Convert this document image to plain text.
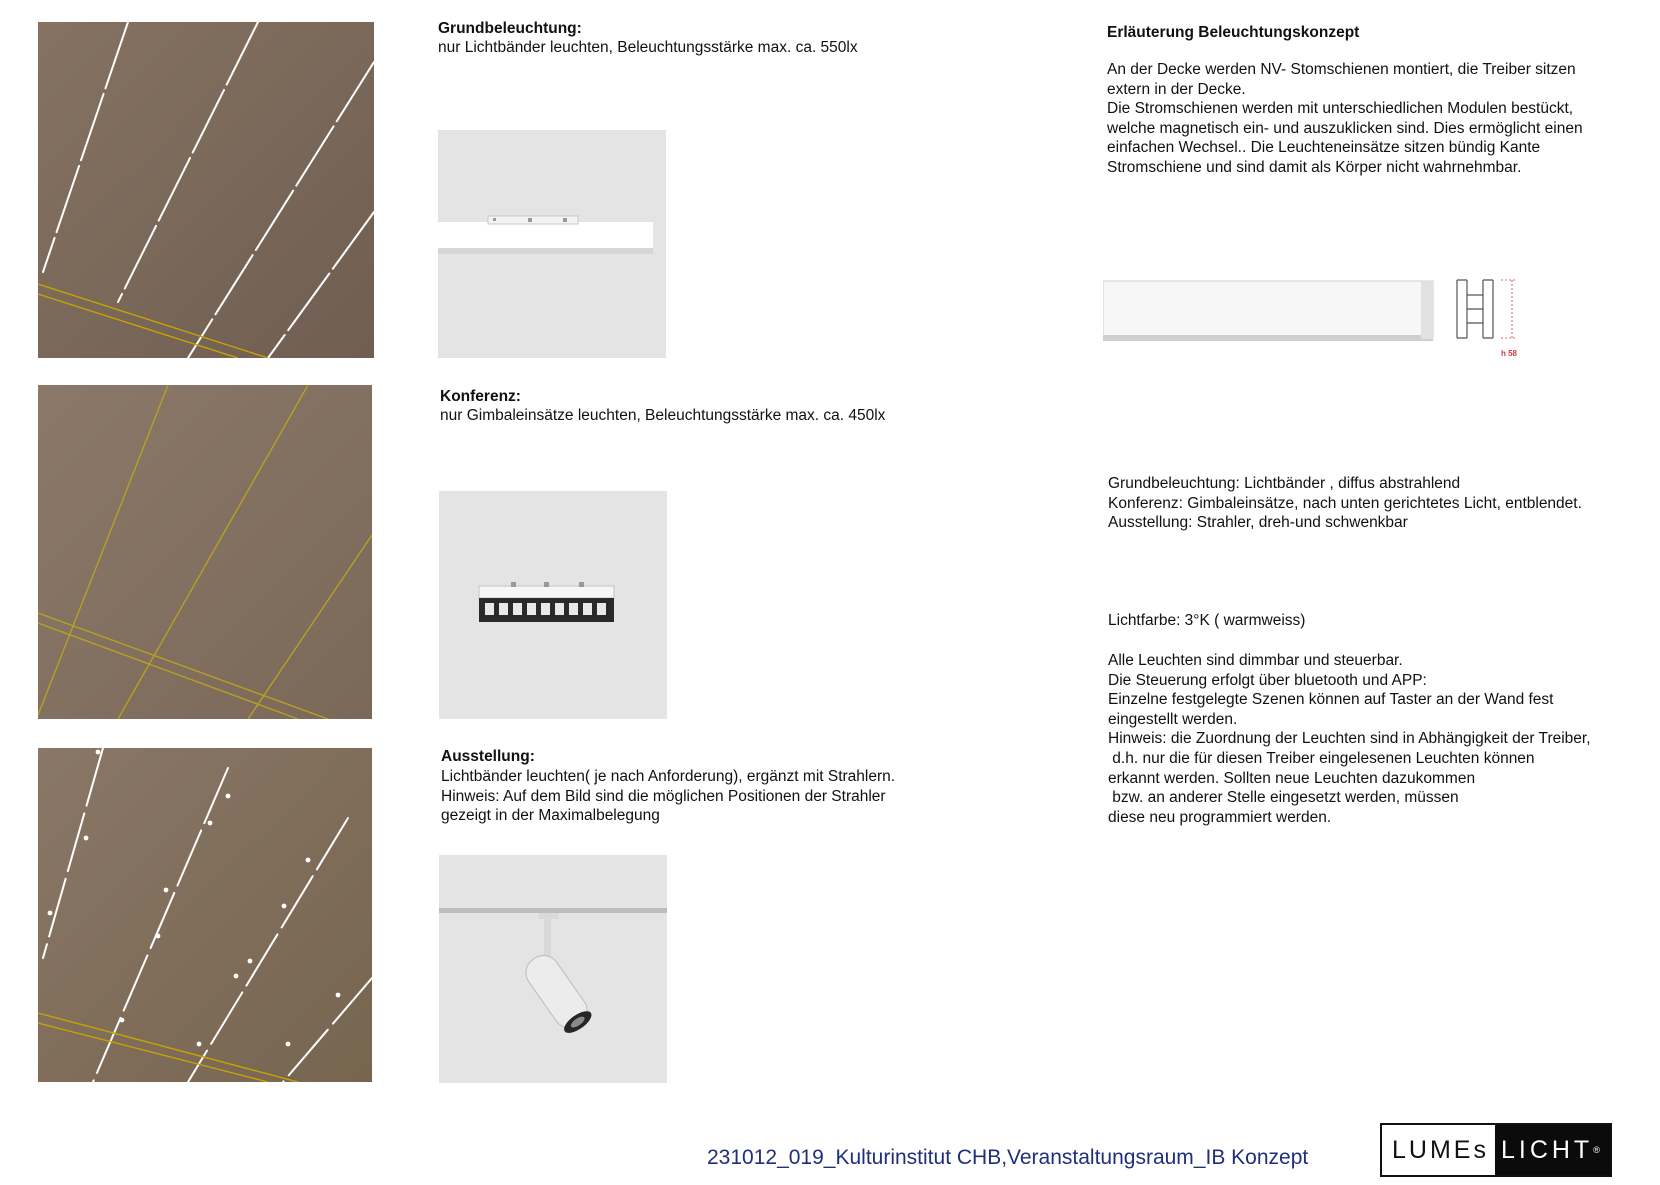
Grundbeleuchtung:
nur Lichtbänder leuchten, Beleuchtungsstärke max. ca. 550lx
Konferenz:
nur Gimbaleinsätze leuchten, Beleuchtungsstärke max. ca. 450lx
Ausstellung:

Lichtbänder leuchten( je nach Anforderung), ergänzt mit Strahlern.

Hinweis: Auf dem Bild sind die möglichen Positionen der Strahler

gezeigt in der Maximalbelegung

Erläuterung Beleuchtungskonzept

An der Decke werden NV- Stomschienen montiert, die Treiber sitzen

extern in der Decke.

Die Stromschienen werden mit unterschiedlichen Modulen bestückt,

welche magnetisch ein- und auszuklicken sind. Dies ermöglicht einen

einfachen Wechsel.. Die Leuchteneinsätze sitzen bündig Kante

Stromschiene und sind damit als Körper nicht wahrnehmbar.

h 58

Grundbeleuchtung: Lichtbänder , diffus abstrahlend

Konferenz: Gimbaleinsätze, nach unten gerichtetes Licht, entblendet.

Ausstellung: Strahler, dreh-und schwenkbar

Lichtfarbe: 3°K ( warmweiss)

Alle Leuchten sind dimmbar und steuerbar.

Die Steuerung erfolgt über bluetooth und APP:

Einzelne festgelegte Szenen können auf Taster an der Wand fest

eingestellt werden.

Hinweis: die Zuordnung der Leuchten sind in Abhängigkeit der Treiber,

d.h. nur die für diesen Treiber eingelesenen Leuchten können

erkannt werden. Sollten neue Leuchten dazukommen

bzw. an anderer Stelle eingesetzt werden, müssen

diese neu programmiert werden.

231012_019_Kulturinstitut CHB,Veranstaltungsraum_IB Konzept	LUMEs LICHT ®
